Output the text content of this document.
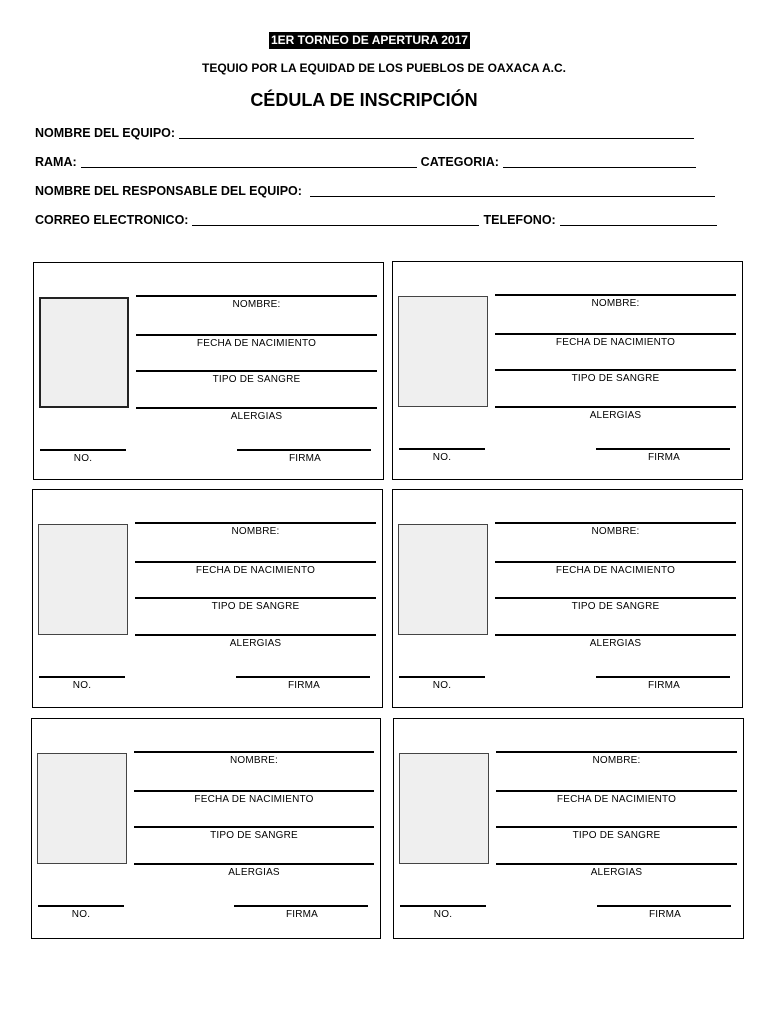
1ER TORNEO DE APERTURA 2017
TEQUIO POR LA EQUIDAD DE LOS PUEBLOS DE OAXACA A.C.
CÉDULA DE INSCRIPCIÓN
NOMBRE DEL EQUIPO:
RAMA:	CATEGORIA:
NOMBRE DEL RESPONSABLE DEL EQUIPO:
CORREO ELECTRONICO:	TELEFONO:
NOMBRE:
FECHA DE NACIMIENTO
TIPO DE SANGRE
ALERGIAS
NO.	FIRMA
NOMBRE:
FECHA DE NACIMIENTO
TIPO DE SANGRE
ALERGIAS
NO.	FIRMA
NOMBRE:
FECHA DE NACIMIENTO
TIPO DE SANGRE
ALERGIAS
NO.	FIRMA
NOMBRE:
FECHA DE NACIMIENTO
TIPO DE SANGRE
ALERGIAS
NO.	FIRMA
NOMBRE:
FECHA DE NACIMIENTO
TIPO DE SANGRE
ALERGIAS
NO.	FIRMA
NOMBRE:
FECHA DE NACIMIENTO
TIPO DE SANGRE
ALERGIAS
NO.	FIRMA
